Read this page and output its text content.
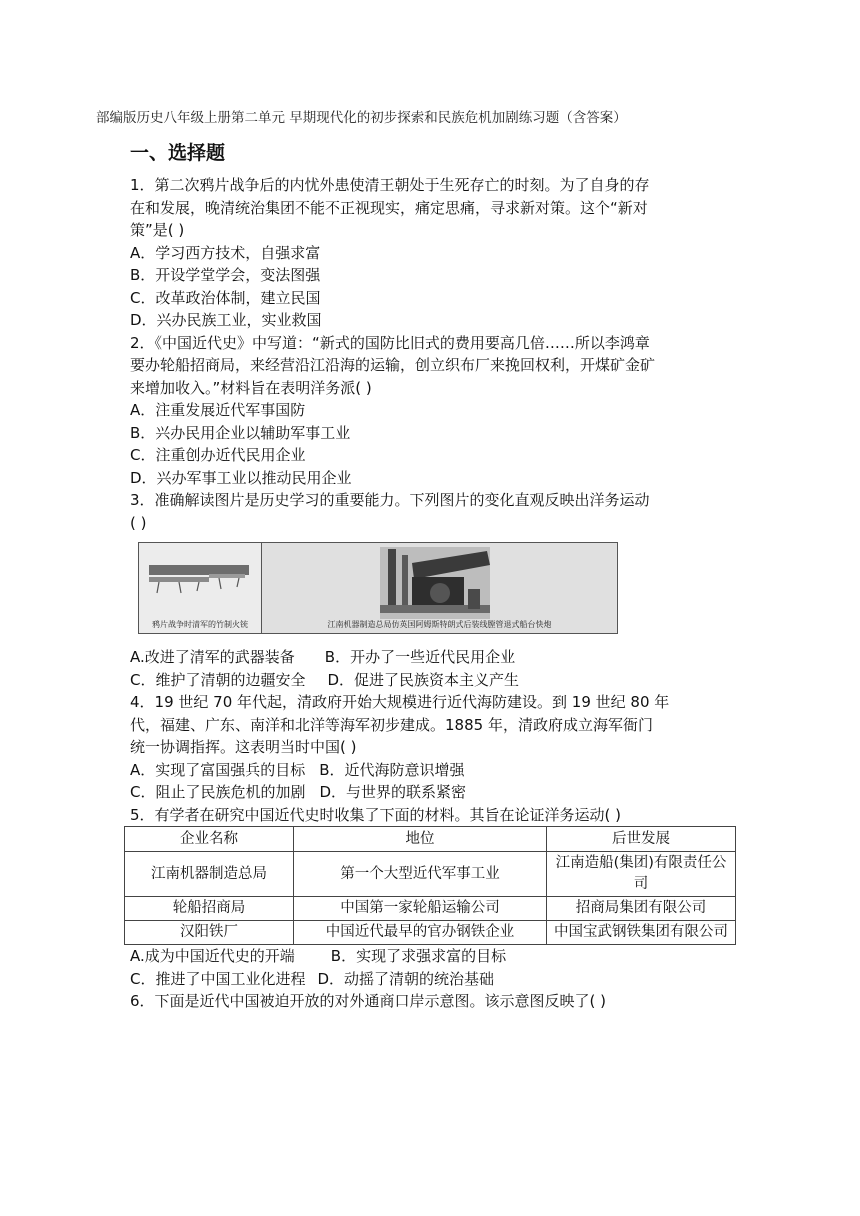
部编版历史八年级上册第二单元 早期现代化的初步探索和民族危机加剧练习题（含答案）
一、选择题
1．第二次鸦片战争后的内忧外患使清王朝处于生死存亡的时刻。为了自身的存
在和发展，晚清统治集团不能不正视现实，痛定思痛，寻求新对策。这个“新对
策”是( )
A．学习西方技术，自强求富
B．开设学堂学会，变法图强
C．改革政治体制，建立民国
D．兴办民族工业，实业救国
2．《中国近代史》中写道：“新式的国防比旧式的费用要高几倍……所以李鸿章
要办轮船招商局，来经营沿江沿海的运输，创立织布厂来挽回权利，开煤矿金矿
来增加收入。”材料旨在表明洋务派( )
A．注重发展近代军事国防
B．兴办民用企业以辅助军事工业
C．注重创办近代民用企业
D．兴办军事工业以推动民用企业
3．准确解读图片是历史学习的重要能力。下列图片的变化直观反映出洋务运动
( )
鸦片战争时清军的竹制火铳	江南机器制造总局仿英国阿姆斯特朗式后装线膛管退式船台快炮
A.改进了清军的武器装备 B．开办了一些近代民用企业
C．维护了清朝的边疆安全 D．促进了民族资本主义产生
4．19 世纪 70 年代起，清政府开始大规模进行近代海防建设。到 19 世纪 80 年
代，福建、广东、南洋和北洋等海军初步建成。1885 年，清政府成立海军衙门
统一协调指挥。这表明当时中国( )
A．实现了富国强兵的目标 B．近代海防意识增强
C．阻止了民族危机的加剧 D．与世界的联系紧密
5．有学者在研究中国近代史时收集了下面的材料。其旨在论证洋务运动( )
企业名称	地位	后世发展
江南机器制造总局	第一个大型近代军事工业	江南造船(集团)有限责任公司
轮船招商局	中国第一家轮船运输公司	招商局集团有限公司
汉阳铁厂	中国近代最早的官办钢铁企业	中国宝武钢铁集团有限公司
A.成为中国近代史的开端 B．实现了求强求富的目标
C．推进了中国工业化进程 D．动摇了清朝的统治基础
6．下面是近代中国被迫开放的对外通商口岸示意图。该示意图反映了( )
